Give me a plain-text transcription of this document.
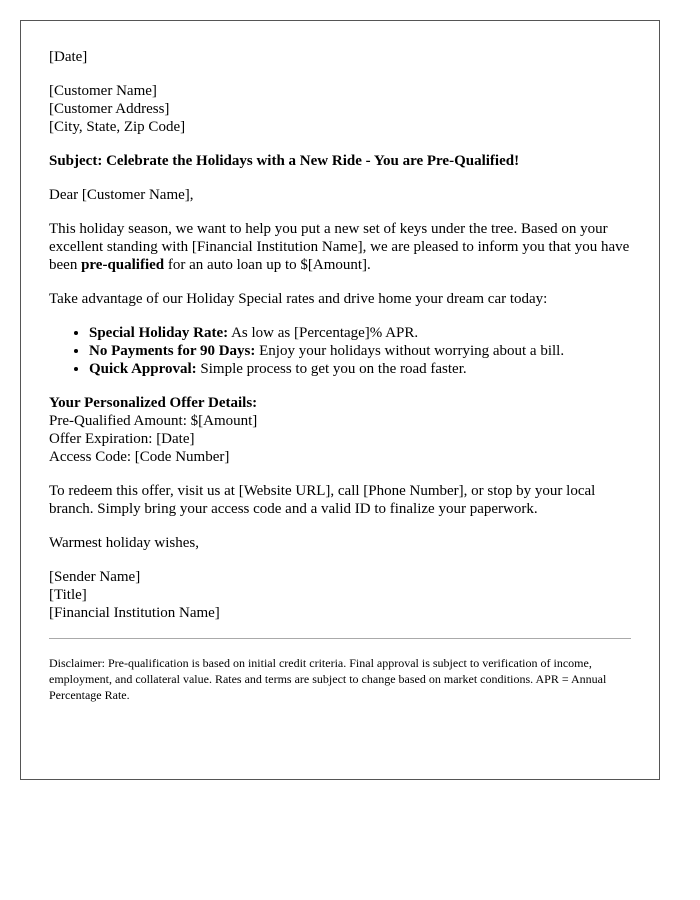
[Date]

[Customer Name]
[Customer Address]
[City, State, Zip Code]

Subject: Celebrate the Holidays with a New Ride - You are Pre-Qualified!

Dear [Customer Name],

This holiday season, we want to help you put a new set of keys under the tree. Based on your excellent standing with [Financial Institution Name], we are pleased to inform you that you have been pre-qualified for an auto loan up to $[Amount].

Take advantage of our Holiday Special rates and drive home your dream car today:

• Special Holiday Rate: As low as [Percentage]% APR.
• No Payments for 90 Days: Enjoy your holidays without worrying about a bill.
• Quick Approval: Simple process to get you on the road faster.

Your Personalized Offer Details:
Pre-Qualified Amount: $[Amount]
Offer Expiration: [Date]
Access Code: [Code Number]

To redeem this offer, visit us at [Website URL], call [Phone Number], or stop by your local branch. Simply bring your access code and a valid ID to finalize your paperwork.

Warmest holiday wishes,

[Sender Name]
[Title]
[Financial Institution Name]

Disclaimer: Pre-qualification is based on initial credit criteria. Final approval is subject to verification of income, employment, and collateral value. Rates and terms are subject to change based on market conditions. APR = Annual Percentage Rate.
